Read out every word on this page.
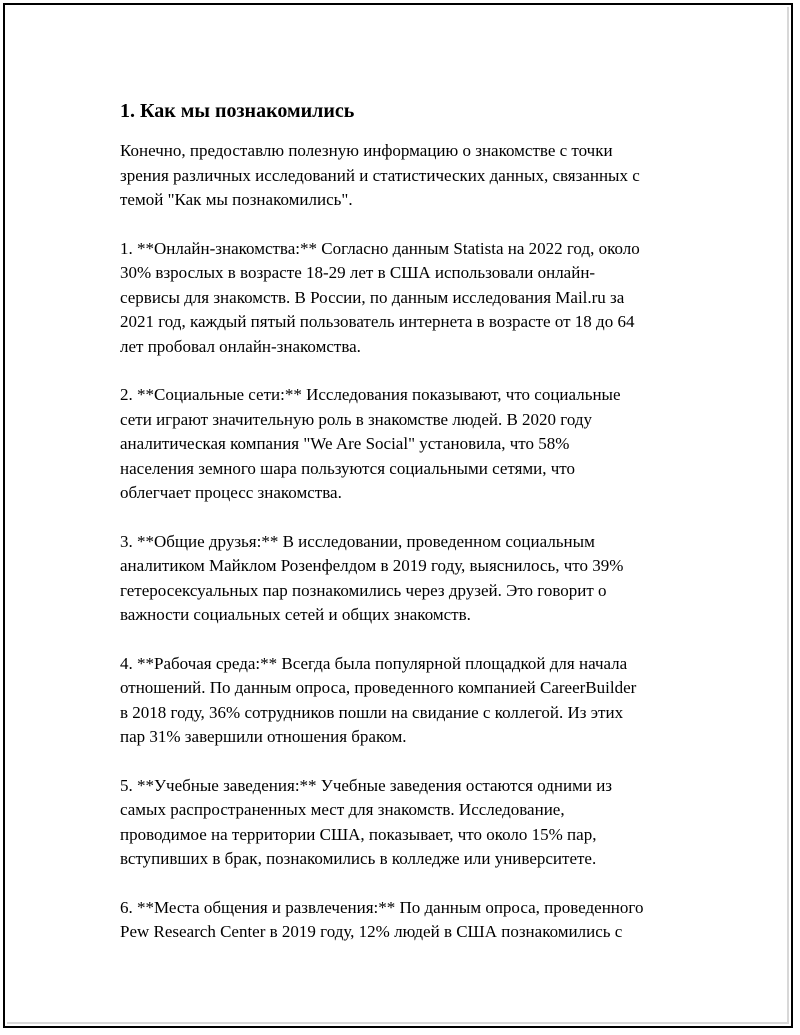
1. Как мы познакомились
Конечно, предоставлю полезную информацию о знакомстве с точки
зрения различных исследований и статистических данных, связанных с
темой "Как мы познакомились".
1. **Онлайн-знакомства:** Согласно данным Statista на 2022 год, около
30% взрослых в возрасте 18-29 лет в США использовали онлайн-
сервисы для знакомств. В России, по данным исследования Mail.ru за
2021 год, каждый пятый пользователь интернета в возрасте от 18 до 64
лет пробовал онлайн-знакомства.
2. **Социальные сети:** Исследования показывают, что социальные
сети играют значительную роль в знакомстве людей. В 2020 году
аналитическая компания "We Are Social" установила, что 58%
населения земного шара пользуются социальными сетями, что
облегчает процесс знакомства.
3. **Общие друзья:** В исследовании, проведенном социальным
аналитиком Майклом Розенфелдом в 2019 году, выяснилось, что 39%
гетеросексуальных пар познакомились через друзей. Это говорит о
важности социальных сетей и общих знакомств.
4. **Рабочая среда:** Всегда была популярной площадкой для начала
отношений. По данным опроса, проведенного компанией CareerBuilder
в 2018 году, 36% сотрудников пошли на свидание с коллегой. Из этих
пар 31% завершили отношения браком.
5. **Учебные заведения:** Учебные заведения остаются одними из
самых распространенных мест для знакомств. Исследование,
проводимое на территории США, показывает, что около 15% пар,
вступивших в брак, познакомились в колледже или университете.
6. **Места общения и развлечения:** По данным опроса, проведенного
Pew Research Center в 2019 году, 12% людей в США познакомились с
